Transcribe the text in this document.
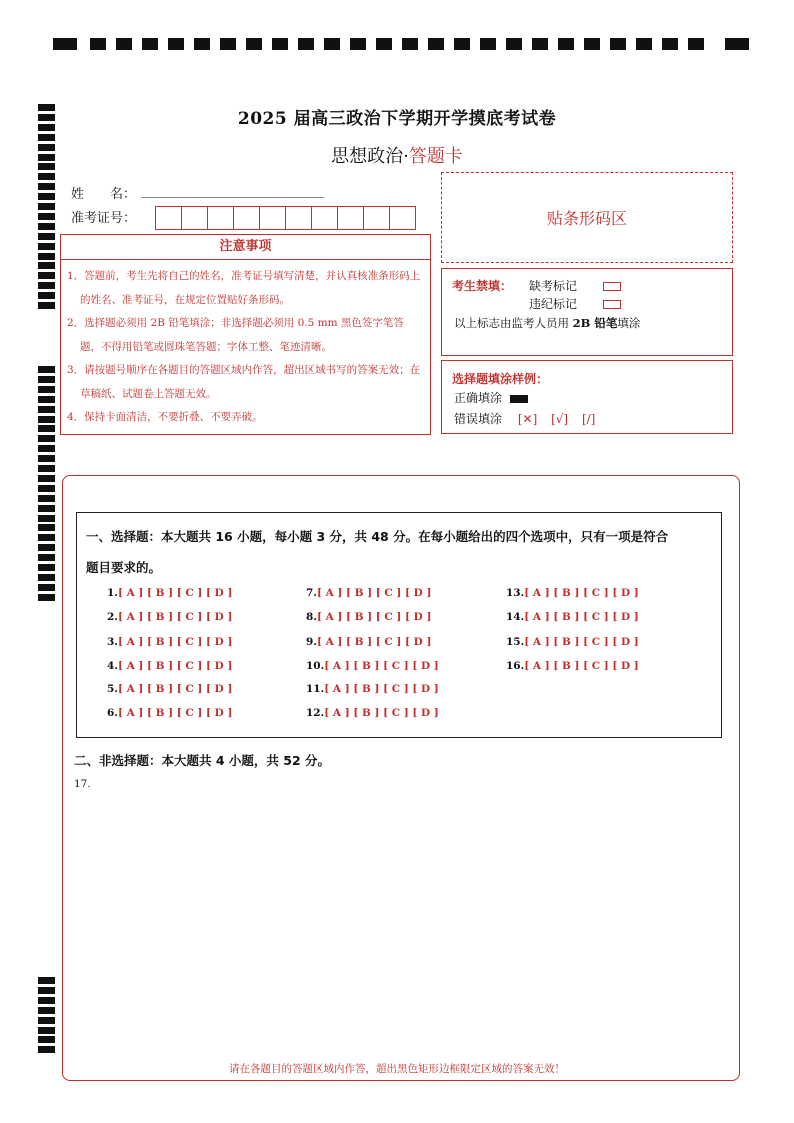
2025 届高三政治下学期开学摸底考试卷
思想政治·答题卡
姓　　名：
准考证号：	贴条形码区
注意事项
1．答题前，考生先将自己的姓名，准考证号填写清楚，并认真核准条形码上的姓名、准考证号，在规定位置贴好条形码。
2．选择题必须用 2B 铅笔填涂；非选择题必须用 0.5 mm 黑色签字笔答题，不得用铅笔或圆珠笔答题；字体工整、笔迹清晰。
3．请按题号顺序在各题目的答题区域内作答，超出区域书写的答案无效；在草稿纸、试题卷上答题无效。
4．保持卡面清洁，不要折叠、不要弄破。
考生禁填： 缺考标记
违纪标记
以上标志由监考人员用 2B 铅笔填涂
选择题填涂样例：
正确填涂
错误填涂 [✕] [√] [/]
一、选择题：本大题共 16 小题，每小题 3 分，共 48 分。在每小题给出的四个选项中，只有一项是符合
题目要求的。
1.[ A ] [ B ] [ C ] [ D ]
2.[ A ] [ B ] [ C ] [ D ]
3.[ A ] [ B ] [ C ] [ D ]
4.[ A ] [ B ] [ C ] [ D ]
5.[ A ] [ B ] [ C ] [ D ]
6.[ A ] [ B ] [ C ] [ D ]
7.[ A ] [ B ] [ C ] [ D ]
8.[ A ] [ B ] [ C ] [ D ]
9.[ A ] [ B ] [ C ] [ D ]
10.[ A ] [ B ] [ C ] [ D ]
11.[ A ] [ B ] [ C ] [ D ]
12.[ A ] [ B ] [ C ] [ D ]
13.[ A ] [ B ] [ C ] [ D ]
14.[ A ] [ B ] [ C ] [ D ]
15.[ A ] [ B ] [ C ] [ D ]
16.[ A ] [ B ] [ C ] [ D ]
二、非选择题：本大题共 4 小题，共 52 分。
17.
请在各题目的答题区域内作答，超出黑色矩形边框限定区域的答案无效！
